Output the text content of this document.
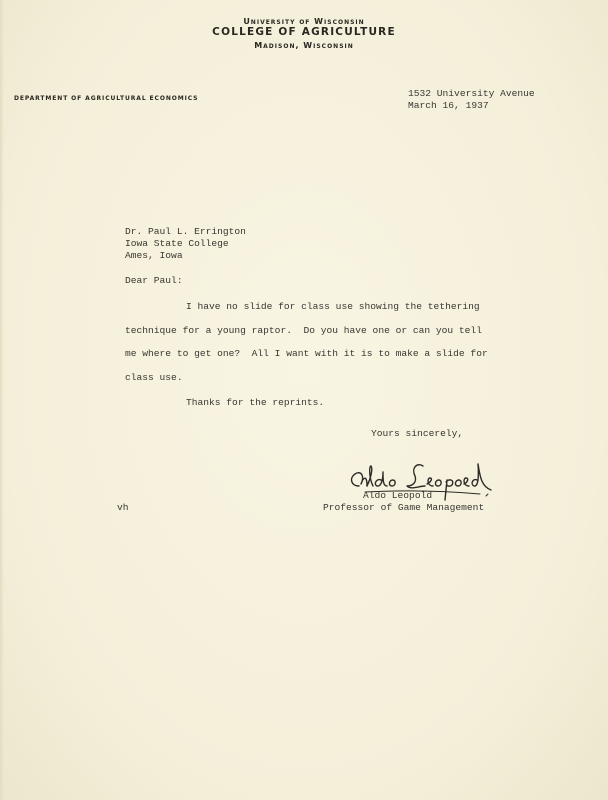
University of Wisconsin
COLLEGE OF AGRICULTURE
Madison, Wisconsin
DEPARTMENT OF AGRICULTURAL ECONOMICS	1532 University Avenue
March 16, 1937
Dr. Paul L. Errington
Iowa State College
Ames, Iowa
Dear Paul:
I have no slide for class use showing the tethering
technique for a young raptor.  Do you have one or can you tell
me where to get one?  All I want with it is to make a slide for
class use.
Thanks for the reprints.
Yours sincerely,
Aldo Leopold
Professor of Game Management
vh
